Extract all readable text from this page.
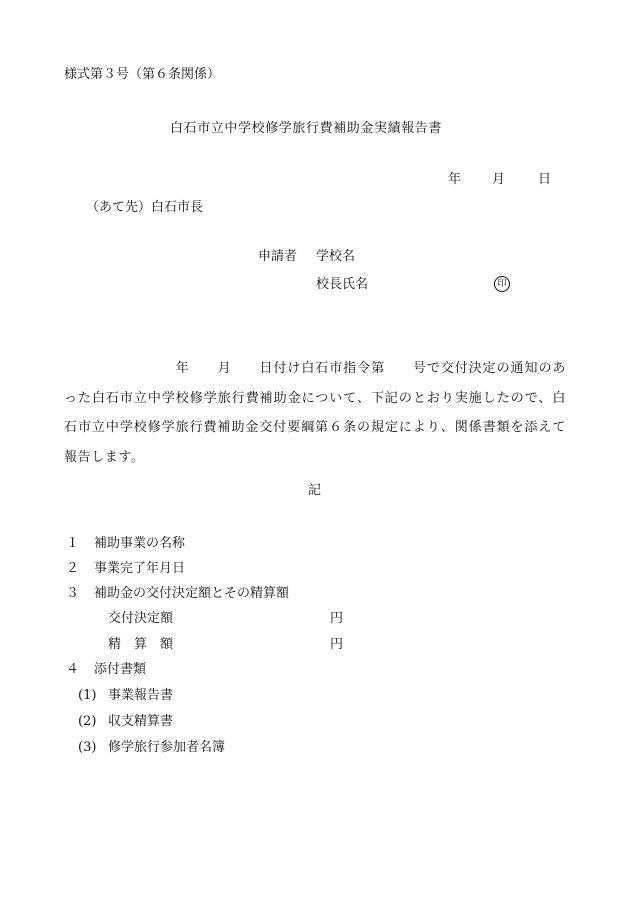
様式第３号（第６条関係）
白石市立中学校修学旅行費補助金実績報告書
年 月	日
（あて先）白石市長
申請者 学校名
校長氏名	印
　　　　年　　月　　日付け白石市指令第　　号で交付決定の通知のあった白石市立中学校修学旅行費補助金について、下記のとおり実施したので、白石市立中学校修学旅行費補助金交付要綱第６条の規定により、関係書類を添えて報告します。
記
１ 補助事業の名称
２ 事業完了年月日
３ 補助金の交付決定額とその精算額
交付決定額	円
精　算　額	円
４ 添付書類
(1) 事業報告書
(2) 収支精算書
(3) 修学旅行参加者名簿
